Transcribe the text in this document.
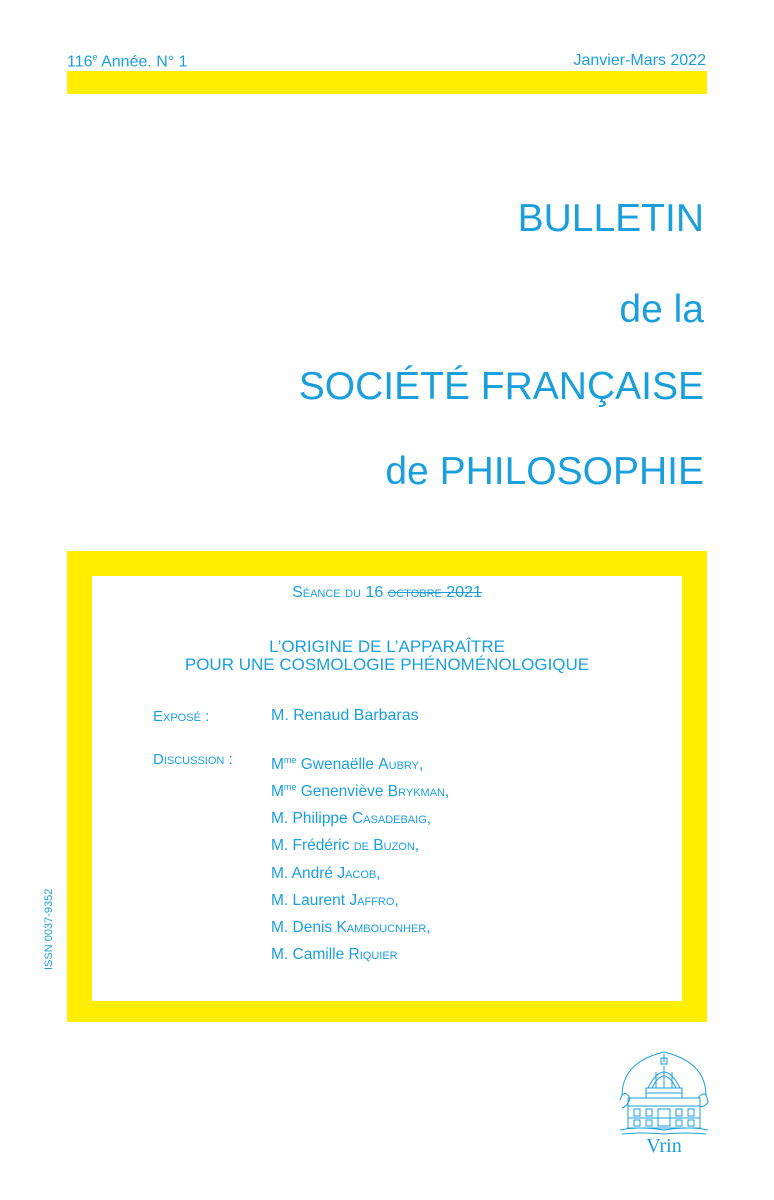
116e Année. N° 1	Janvier-Mars 2022
BULLETIN
de la
SOCIÉTÉ FRANÇAISE
de PHILOSOPHIE
Séance du 16 octobre 2021
L’ORIGINE DE L’APPARAÎTRE
POUR UNE COSMOLOGIE PHÉNOMÉNOLOGIQUE
Exposé :	M. Renaud Barbaras
Discussion : $M^{me}$ Gwenaëlle Aubry,
$M^{me}$ Genenviève Brykman,
M. Philippe Casadebaig,
M. Frédéric de Buzon,
M. André Jacob,
M. Laurent Jaffro,
M. Denis Kamboucnher,
M. Camille Riquier
ISSN 0037-9352
Vrin
